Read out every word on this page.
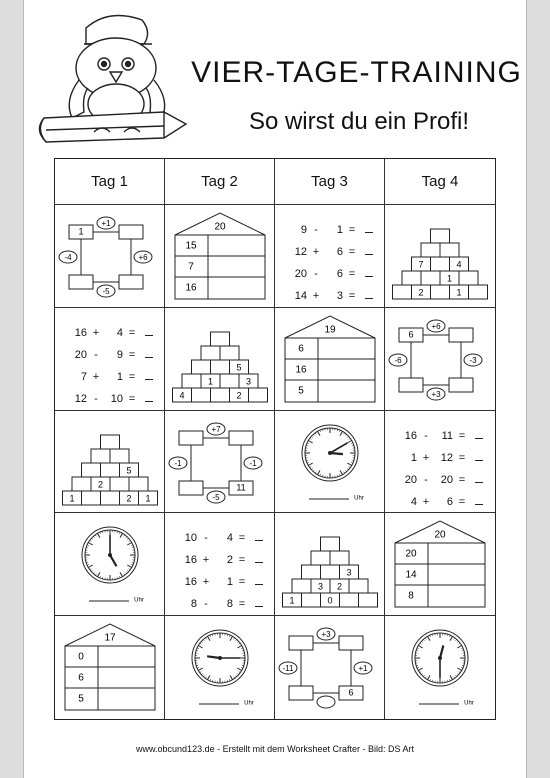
VIER-TAGE-TRAINING
So wirst du ein Profi!
Tag 1	Tag 2	Tag 3	Tag 4
1
+1
+6
-5
-4
20
15
7
16
9 -	1 =
12 +	6 =
20 -	6 =
14 +	3 =
7	4
1
2	1
16 +	4 =
20 -	9 =
7 +	1 =
12 -	10 =
5
1	3
4	2
19
6
16
5
6
+6
-3
+3
-6
5
2
1	2 1
11
+7
-1
-5
-1
Uhr
16 -	11 =
1 +	12 =
20 -	20 =
4 +	6 =
Uhr
10 -	4 =
16 +	2 =
16 +	1 =
8 -	8 =
3
3 2
1	0
20
20
14
8
17
0
6
5	Uhr
6
+3
+1
-11
Uhr
www.obcund123.de - Erstellt mit dem Worksheet Crafter - Bild: DS Art
